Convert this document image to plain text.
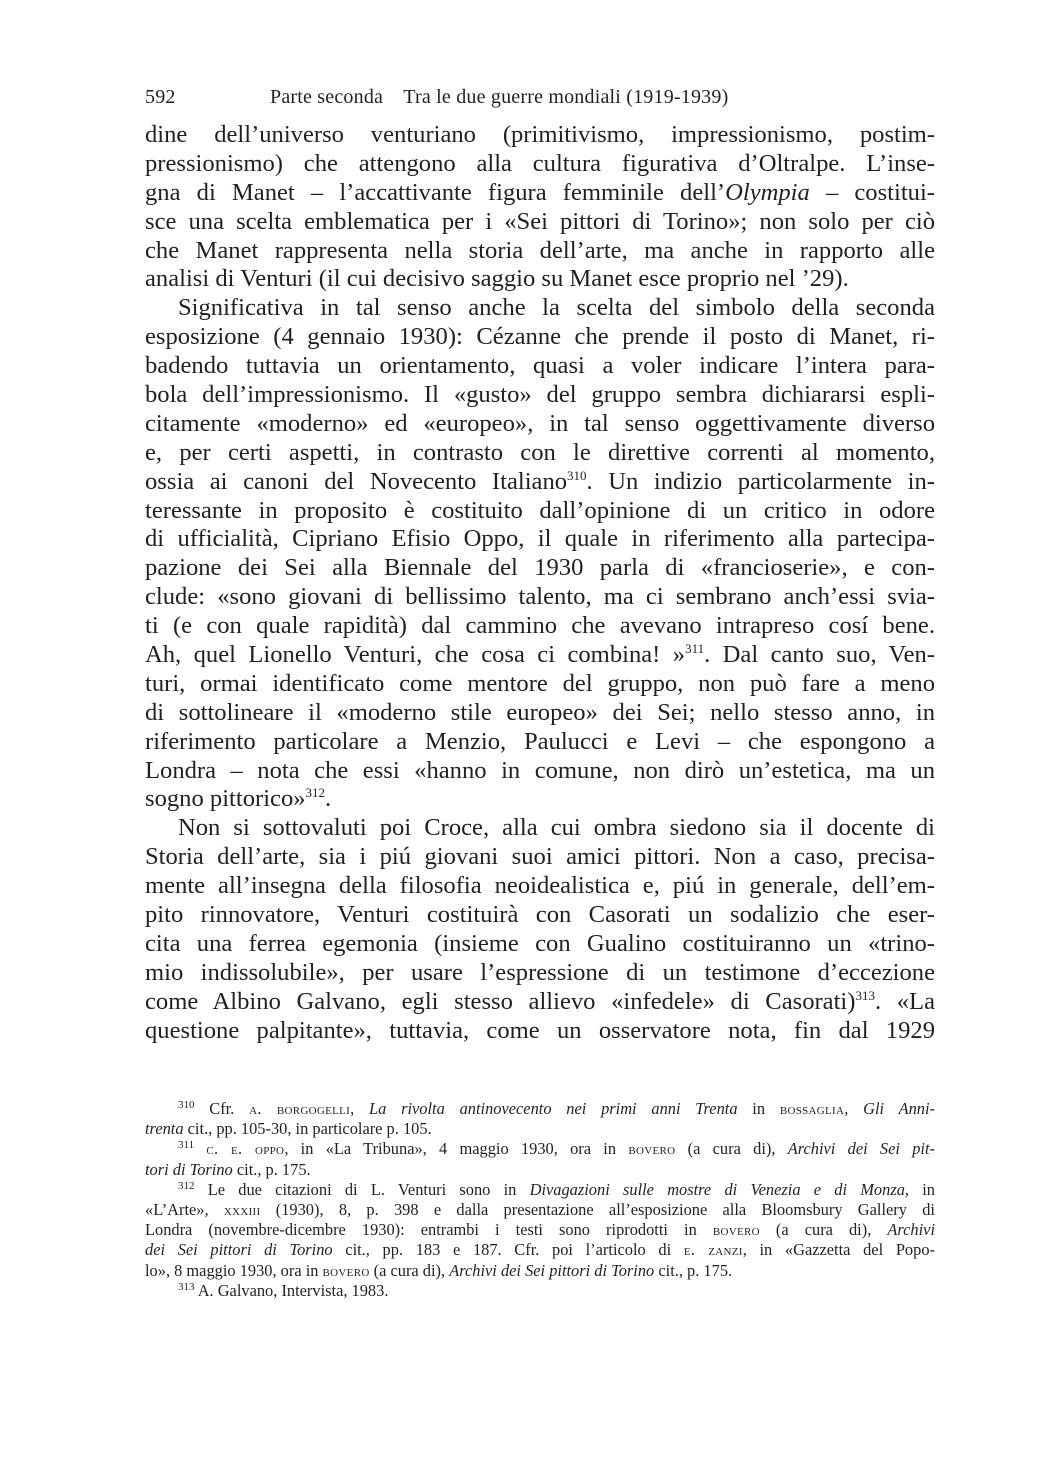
592	Parte seconda Tra le due guerre mondiali (1919-1939)
dine dell’universo venturiano (primitivismo, impressionismo, postim-
pressionismo) che attengono alla cultura figurativa d’Oltralpe. L’inse-
gna di Manet – l’accattivante figura femminile dell’Olympia – costitui-
sce una scelta emblematica per i «Sei pittori di Torino»; non solo per ciò
che Manet rappresenta nella storia dell’arte, ma anche in rapporto alle
analisi di Venturi (il cui decisivo saggio su Manet esce proprio nel ’29).
Significativa in tal senso anche la scelta del simbolo della seconda
esposizione (4 gennaio 1930): Cézanne che prende il posto di Manet, ri-
badendo tuttavia un orientamento, quasi a voler indicare l’intera para-
bola dell’impressionismo. Il «gusto» del gruppo sembra dichiararsi espli-
citamente «moderno» ed «europeo», in tal senso oggettivamente diverso
e, per certi aspetti, in contrasto con le direttive correnti al momento,
ossia ai canoni del Novecento Italiano$^{310}$. Un indizio particolarmente in-
teressante in proposito è costituito dall’opinione di un critico in odore
di ufficialità, Cipriano Efisio Oppo, il quale in riferimento alla partecipa-
pazione dei Sei alla Biennale del 1930 parla di «francioserie», e con-
clude: «sono giovani di bellissimo talento, ma ci sembrano anch’essi svia-
ti (e con quale rapidità) dal cammino che avevano intrapreso cosí bene.
Ah, quel Lionello Venturi, che cosa ci combina! »$^{311}$. Dal canto suo, Ven-
turi, ormai identificato come mentore del gruppo, non può fare a meno
di sottolineare il «moderno stile europeo» dei Sei; nello stesso anno, in
riferimento particolare a Menzio, Paulucci e Levi – che espongono a
Londra – nota che essi «hanno in comune, non dirò un’estetica, ma un
sogno pittorico»$^{312}$.
Non si sottovaluti poi Croce, alla cui ombra siedono sia il docente di
Storia dell’arte, sia i piú giovani suoi amici pittori. Non a caso, precisa-
mente all’insegna della filosofia neoidealistica e, piú in generale, dell’em-
pito rinnovatore, Venturi costituirà con Casorati un sodalizio che eser-
cita una ferrea egemonia (insieme con Gualino costituiranno un «trino-
mio indissolubile», per usare l’espressione di un testimone d’eccezione
come Albino Galvano, egli stesso allievo «infedele» di Casorati)$^{313}$. «La
questione palpitante», tuttavia, come un osservatore nota, fin dal 1929
$^{310}$ Cfr. a. borgogelli, La rivolta antinovecento nei primi anni Trenta in bossaglia, Gli Anni-
trenta cit., pp. 105-30, in particolare p. 105.
$^{311}$ c. e. oppo, in «La Tribuna», 4 maggio 1930, ora in bovero (a cura di), Archivi dei Sei pit-
tori di Torino cit., p. 175.
$^{312}$ Le due citazioni di L. Venturi sono in Divagazioni sulle mostre di Venezia e di Monza, in
«L’Arte», xxxiii (1930), 8, p. 398 e dalla presentazione all’esposizione alla Bloomsbury Gallery di
Londra (novembre-dicembre 1930): entrambi i testi sono riprodotti in bovero (a cura di), Archivi
dei Sei pittori di Torino cit., pp. 183 e 187. Cfr. poi l’articolo di e. zanzi, in «Gazzetta del Popo-
lo», 8 maggio 1930, ora in bovero (a cura di), Archivi dei Sei pittori di Torino cit., p. 175.
$^{313}$ A. Galvano, Intervista, 1983.
